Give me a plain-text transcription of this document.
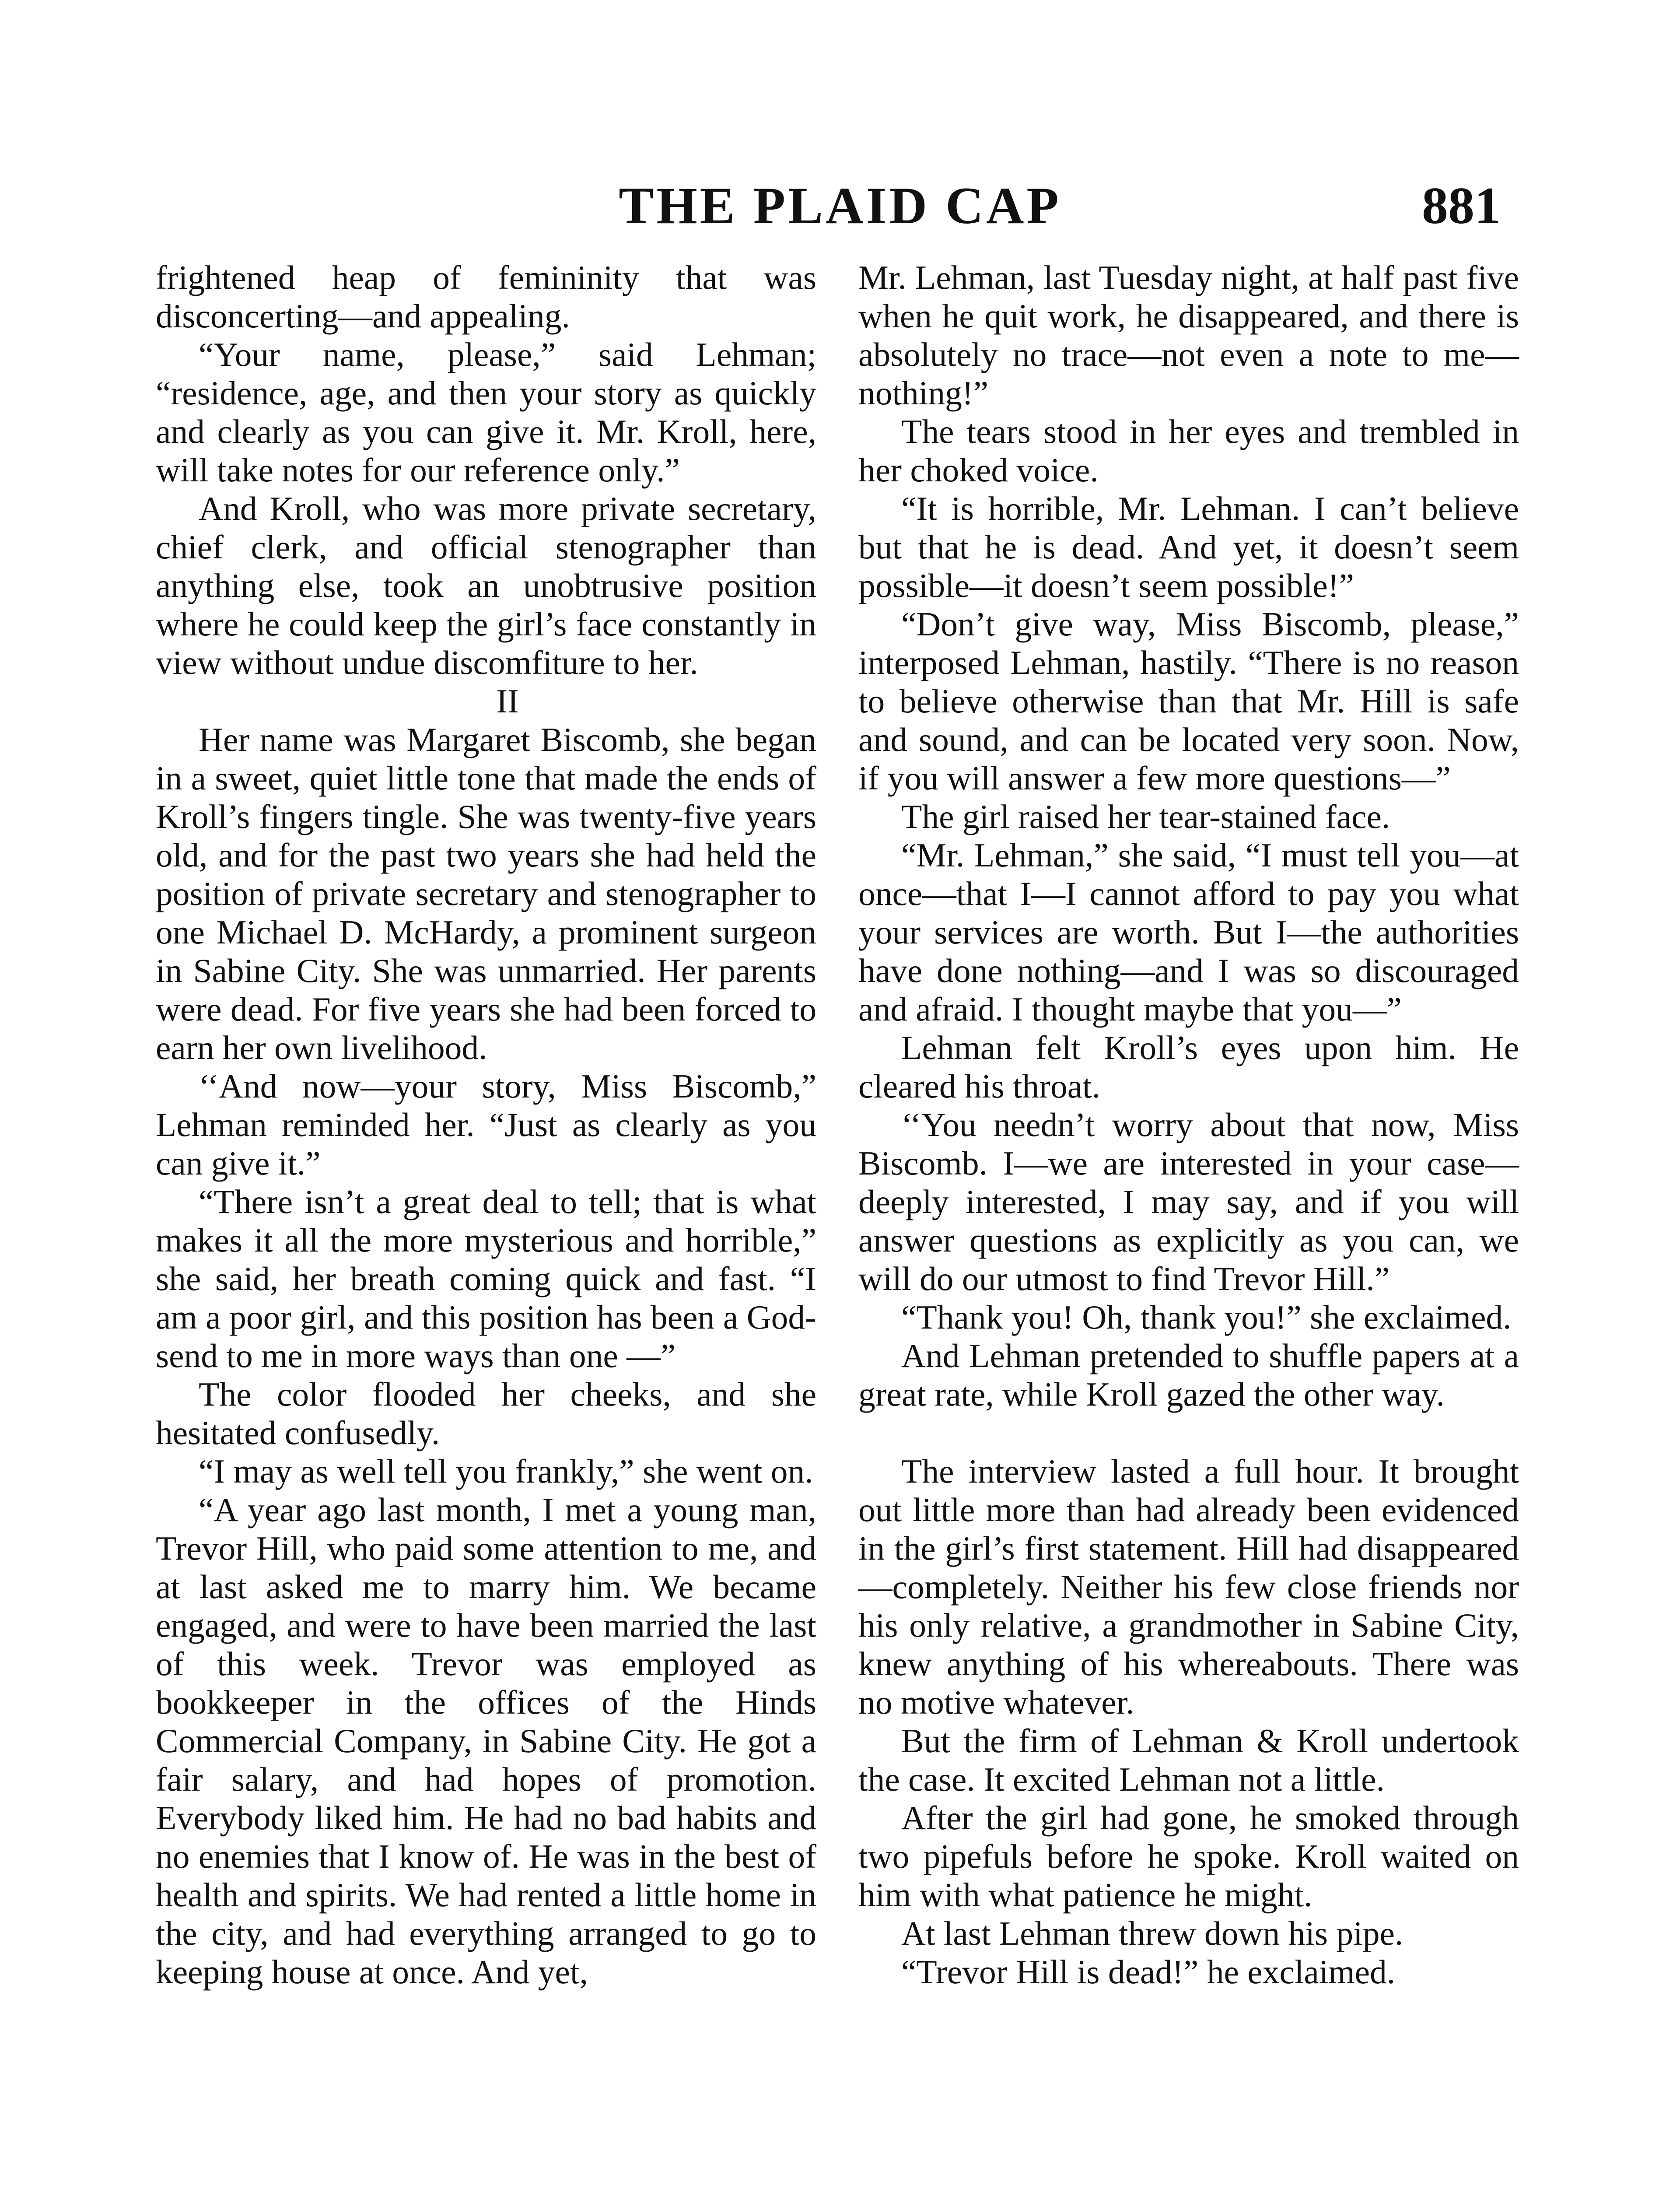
THE PLAID CAP	881

frightened heap of femininity that was disconcerting—and appealing.

“Your name, please,” said Lehman; “residence, age, and then your story as quickly and clearly as you can give it. Mr. Kroll, here, will take notes for our reference only.”

And Kroll, who was more private secretary, chief clerk, and official stenographer than anything else, took an unobtrusive position where he could keep the girl’s face constantly in view without undue discomfiture to her.

II

Her name was Margaret Biscomb, she began in a sweet, quiet little tone that made the ends of Kroll’s fingers tingle. She was twenty-five years old, and for the past two years she had held the position of private secretary and stenographer to one Michael D. McHardy, a prominent surgeon in Sabine City. She was unmarried. Her parents were dead. For five years she had been forced to earn her own livelihood.

‘‘And now—your story, Miss Biscomb,” Lehman reminded her. “Just as clearly as you can give it.”

“There isn’t a great deal to tell; that is what makes it all the more mysterious and horrible,” she said, her breath coming quick and fast. “I am a poor girl, and this position has been a God-send to me in more ways than one —”

The color flooded her cheeks, and she hesitated confusedly.

“I may as well tell you frankly,” she went on.

“A year ago last month, I met a young man, Trevor Hill, who paid some attention to me, and at last asked me to marry him. We became engaged, and were to have been married the last of this week. Trevor was employed as bookkeeper in the offices of the Hinds Commercial Company, in Sabine City. He got a fair salary, and had hopes of promotion. Everybody liked him. He had no bad habits and no enemies that I know of. He was in the best of health and spirits. We had rented a little home in the city, and had everything arranged to go to keeping house at once. And yet,

Mr. Lehman, last Tuesday night, at half past five when he quit work, he disappeared, and there is absolutely no trace—not even a note to me—nothing!”

The tears stood in her eyes and trembled in her choked voice.

“It is horrible, Mr. Lehman. I can’t believe but that he is dead. And yet, it doesn’t seem possible—it doesn’t seem possible!”

“Don’t give way, Miss Biscomb, please,” interposed Lehman, hastily. “There is no reason to believe otherwise than that Mr. Hill is safe and sound, and can be located very soon. Now, if you will answer a few more questions—”

The girl raised her tear-stained face.

“Mr. Lehman,” she said, “I must tell you—at once—that I—I cannot afford to pay you what your services are worth. But I—the authorities have done nothing—and I was so discouraged and afraid. I thought maybe that you—”

Lehman felt Kroll’s eyes upon him. He cleared his throat.

‘‘You needn’t worry about that now, Miss Biscomb. I—we are interested in your case—deeply interested, I may say, and if you will answer questions as explicitly as you can, we will do our utmost to find Trevor Hill.”

“Thank you! Oh, thank you!” she exclaimed.

And Lehman pretended to shuffle papers at a great rate, while Kroll gazed the other way.

The interview lasted a full hour. It brought out little more than had already been evidenced in the girl’s first statement. Hill had disappeared—completely. Neither his few close friends nor his only relative, a grandmother in Sabine City, knew anything of his whereabouts. There was no motive whatever.

But the firm of Lehman & Kroll undertook the case. It excited Lehman not a little.

After the girl had gone, he smoked through two pipefuls before he spoke. Kroll waited on him with what patience he might.

At last Lehman threw down his pipe.

“Trevor Hill is dead!” he exclaimed.
